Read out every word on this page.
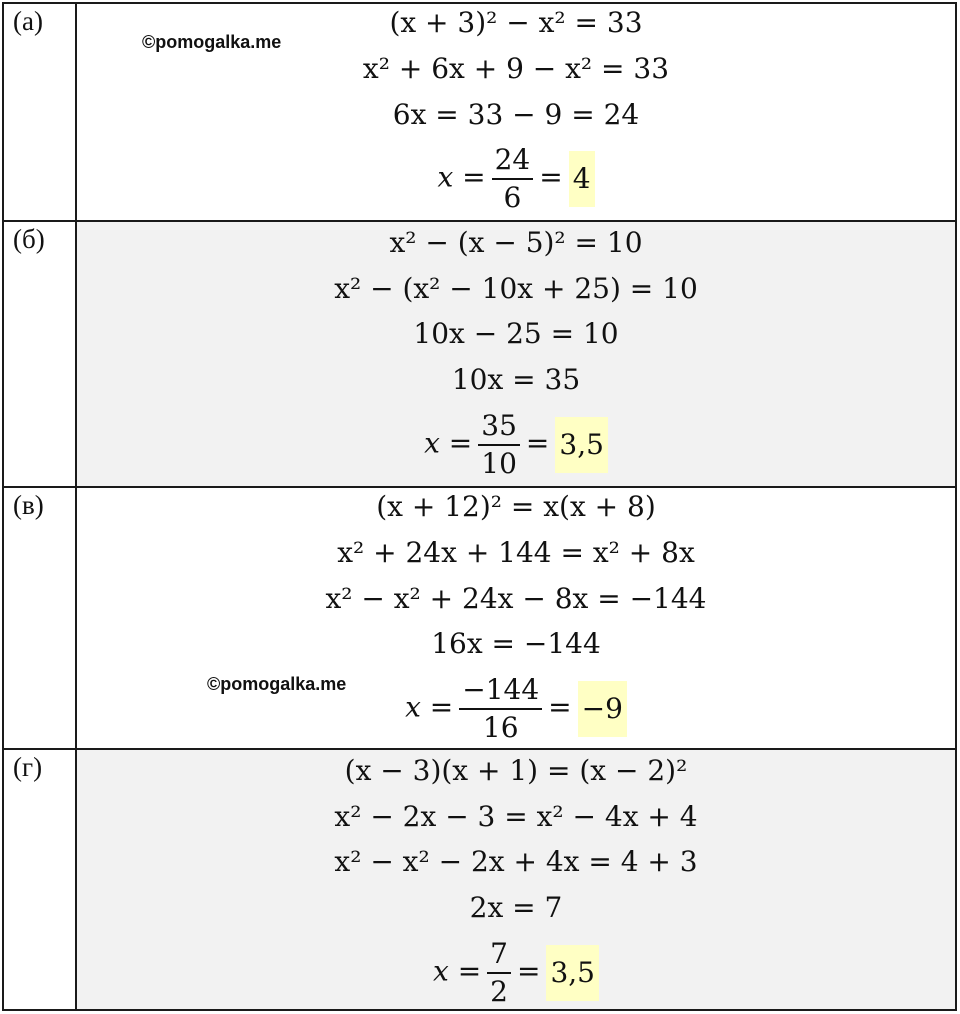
(а)
©pomogalka.me
(x + 3)² − x² = 33
x² + 6x + 9 − x² = 33
6x = 33 − 9 = 24
$x = \frac{24}{6} = 4$
(б)	x² − (x − 5)² = 10
x² − (x² − 10x + 25) = 10
10x − 25 = 10
10x = 35
$x = \frac{35}{10} = 3,5$
(в)
©pomogalka.me
(x + 12)² = x(x + 8)
x² + 24x + 144 = x² + 8x
x² − x² + 24x − 8x = −144
16x = −144
$x = \frac{-144}{16} = -9$
(г)	(x − 3)(x + 1) = (x − 2)²
x² − 2x − 3 = x² − 4x + 4
x² − x² − 2x + 4x = 4 + 3
2x = 7
$x = \frac{7}{2} = 3,5$
